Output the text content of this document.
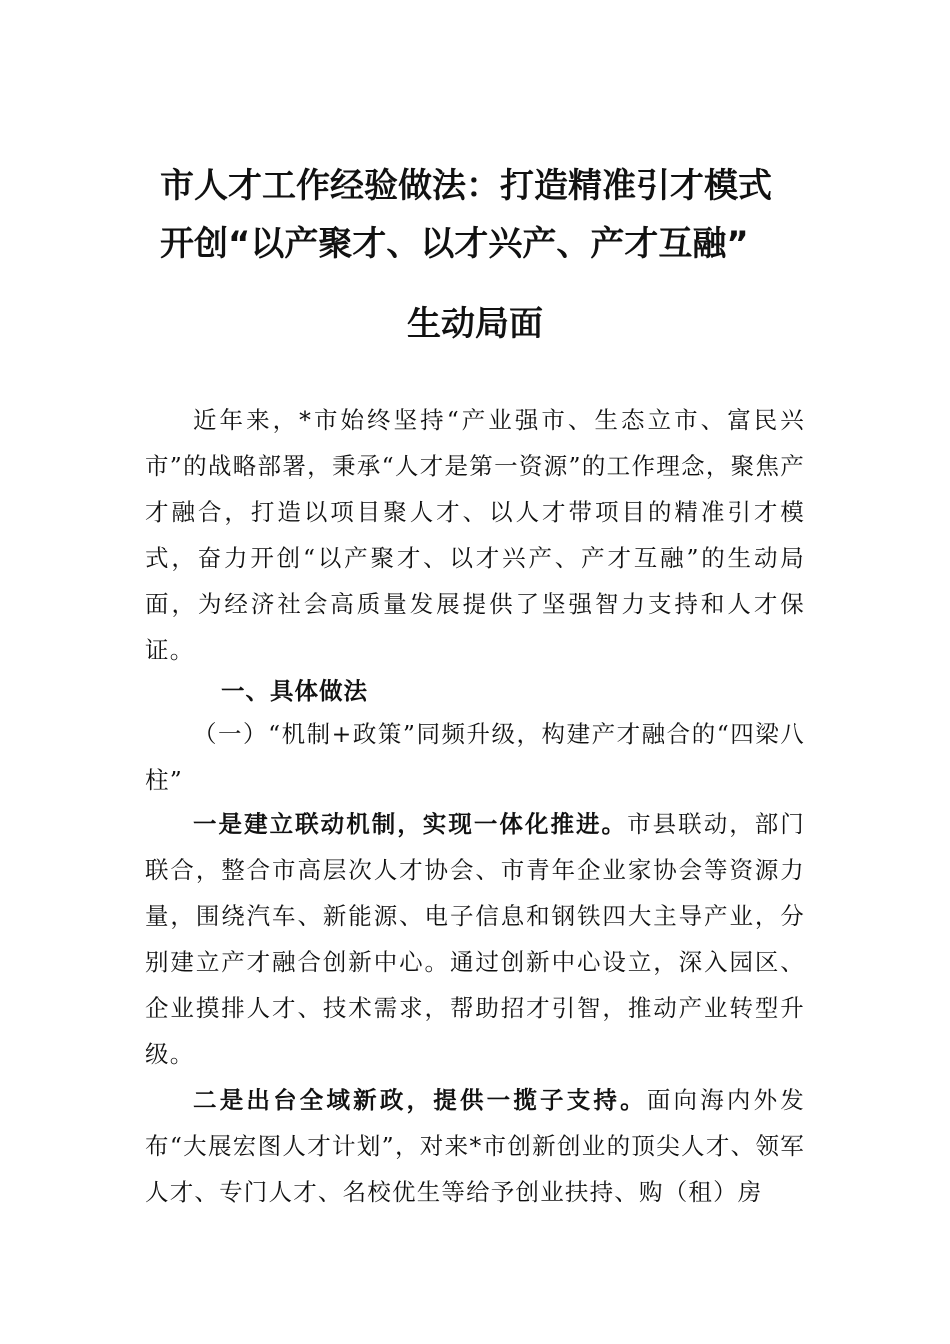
市人才工作经验做法：打造精准引才模式
开创“以产聚才、以才兴产、产才互融”
生动局面

近年来，*市始终坚持“产业强市、生态立市、富民兴市”的战略部署，秉承“人才是第一资源”的工作理念，聚焦产才融合，打造以项目聚人才、以人才带项目的精准引才模式，奋力开创“以产聚才、以才兴产、产才互融”的生动局面，为经济社会高质量发展提供了坚强智力支持和人才保证。

一、具体做法

（一）“机制+政策”同频升级，构建产才融合的“四梁八柱”

一是建立联动机制，实现一体化推进。市县联动，部门联合，整合市高层次人才协会、市青年企业家协会等资源力量，围绕汽车、新能源、电子信息和钢铁四大主导产业，分别建立产才融合创新中心。通过创新中心设立，深入园区、企业摸排人才、技术需求，帮助招才引智，推动产业转型升级。

二是出台全域新政，提供一揽子支持。面向海内外发布“大展宏图人才计划”，对来*市创新创业的顶尖人才、领军人才、专门人才、名校优生等给予创业扶持、购（租）房
